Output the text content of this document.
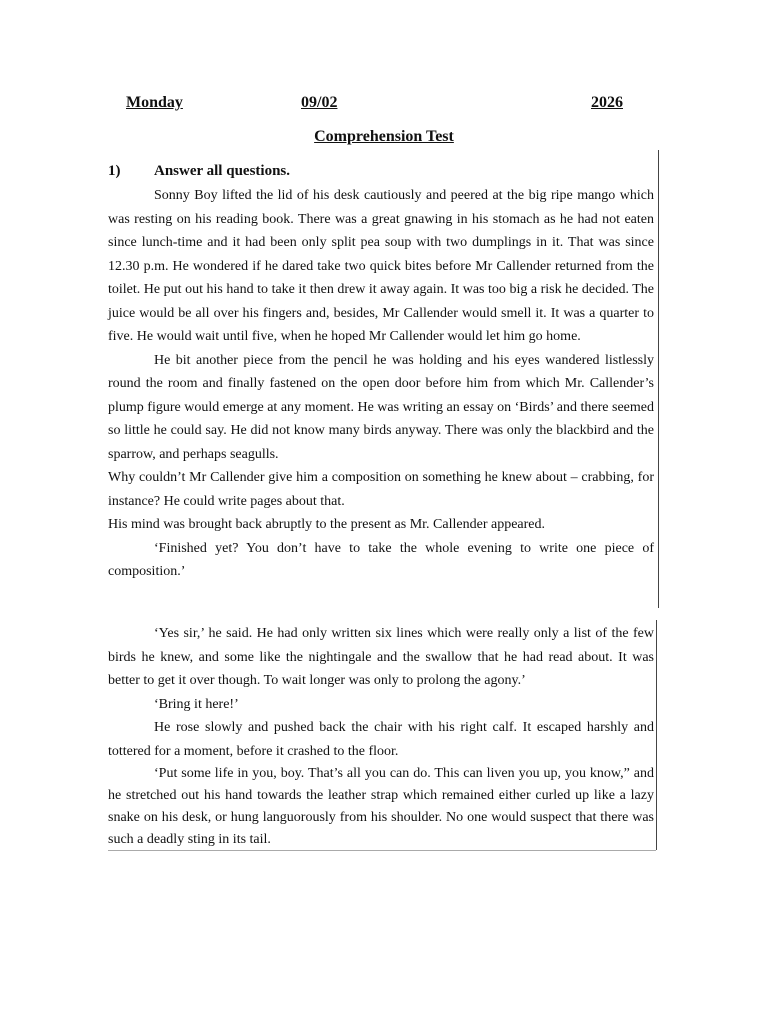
Monday	09/02	2026
Comprehension Test
1) Answer all questions.

Sonny Boy lifted the lid of his desk cautiously and peered at the big ripe mango which was resting on his reading book. There was a great gnawing in his stomach as he had not eaten since lunch-time and it had been only split pea soup with two dumplings in it. That was since 12.30 p.m. He wondered if he dared take two quick bites before Mr Callender returned from the toilet. He put out his hand to take it then drew it away again. It was too big a risk he decided. The juice would be all over his fingers and, besides, Mr Callender would smell it. It was a quarter to five. He would wait until five, when he hoped Mr Callender would let him go home.

He bit another piece from the pencil he was holding and his eyes wandered listlessly round the room and finally fastened on the open door before him from which Mr. Callender’s plump figure would emerge at any moment. He was writing an essay on ‘Birds’ and there seemed so little he could say. He did not know many birds anyway. There was only the blackbird and the sparrow, and perhaps seagulls.

Why couldn’t Mr Callender give him a composition on something he knew about – crabbing, for instance? He could write pages about that.

His mind was brought back abruptly to the present as Mr. Callender appeared.

‘Finished yet? You don’t have to take the whole evening to write one piece of composition.’

‘Yes sir,’ he said. He had only written six lines which were really only a list of the few birds he knew, and some like the nightingale and the swallow that he had read about. It was better to get it over though. To wait longer was only to prolong the agony.’

‘Bring it here!’

He rose slowly and pushed back the chair with his right calf. It escaped harshly and tottered for a moment, before it crashed to the floor.

‘Put some life in you, boy. That’s all you can do. This can liven you up, you know,” and he stretched out his hand towards the leather strap which remained either curled up like a lazy snake on his desk, or hung languorously from his shoulder. No one would suspect that there was such a deadly sting in its tail.
